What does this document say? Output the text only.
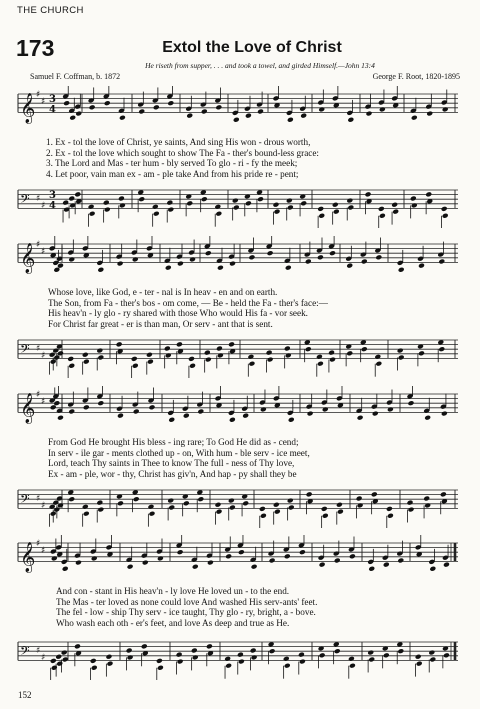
THE CHURCH
173	Extol the Love of Christ
He riseth from supper, . . . and took a towel, and girded Himself.—John 13:4
Samuel F. Coffman, b. 1872	George F. Root, 1820-1895
𝄞 ♯
♯ 3
4
1. Ex - tol the love of Christ, ye saints, And sing His won - drous worth,
2. Ex - tol the love which sought to show The Fa - ther's bound-less grace:
3. The Lord and Mas - ter hum - bly served To glo - ri - fy the meek;
4. Let poor, vain man ex - am - ple take And from his pride re - pent;
𝄢 ♯
♯
3
4
𝄞 ♯
♯
Whose love, like God, e - ter - nal is In heav - en and on earth.
The Son, from Fa - ther's bos - om come, — Be - held the Fa - ther's face:—
His heav'n - ly glo - ry shared with those Who would His fa - vor seek.
For Christ far great - er is than man, Or serv - ant that is sent.
𝄢 ♯
♯
𝄞 ♯
♯
From God He brought His bless - ing rare; To God He did as - cend;
In serv - ile gar - ments clothed up - on, With hum - ble serv - ice meet,
Lord, teach Thy saints in Thee to know The full - ness of Thy love,
Ex - am - ple, wor - thy, Christ has giv'n, And hap - py shall they be
𝄢 ♯
♯
𝄞 ♯
♯
And con - stant in His heav'n - ly love He loved un - to the end.
The Mas - ter loved as none could love And washed His serv-ants' feet.
The fel - low - ship Thy serv - ice taught, Thy glo - ry, bright, a - bove.
Who wash each oth - er's feet, and love As deep and true as He.
𝄢 ♯
♯
152
